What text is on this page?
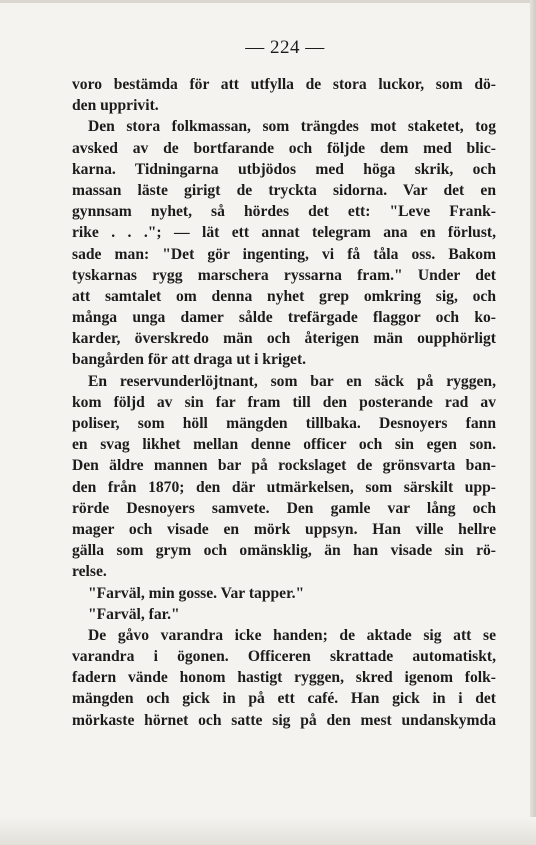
— 224 —
voro bestämda för att utfylla de stora luckor, som dö-
den upprivit.
Den stora folkmassan, som trängdes mot staketet, tog
avsked av de bortfarande och följde dem med blic-
karna. Tidningarna utbjödos med höga skrik, och
massan läste girigt de tryckta sidorna. Var det en
gynnsam nyhet, så hördes det ett: "Leve Frank-
rike . . ."; — lät ett annat telegram ana en förlust,
sade man: "Det gör ingenting, vi få tåla oss. Bakom
tyskarnas rygg marschera ryssarna fram." Under det
att samtalet om denna nyhet grep omkring sig, och
många unga damer sålde trefärgade flaggor och ko-
karder, överskredo män och återigen män oupphörligt
bangården för att draga ut i kriget.
En reservunderlöjtnant, som bar en säck på ryggen,
kom följd av sin far fram till den posterande rad av
poliser, som höll mängden tillbaka. Desnoyers fann
en svag likhet mellan denne officer och sin egen son.
Den äldre mannen bar på rockslaget de grönsvarta ban-
den från 1870; den där utmärkelsen, som särskilt upp-
rörde Desnoyers samvete. Den gamle var lång och
mager och visade en mörk uppsyn. Han ville hellre
gälla som grym och omänsklig, än han visade sin rö-
relse.
"Farväl, min gosse. Var tapper."
"Farväl, far."
De gåvo varandra icke handen; de aktade sig att se
varandra i ögonen. Officeren skrattade automatiskt,
fadern vände honom hastigt ryggen, skred igenom folk-
mängden och gick in på ett café. Han gick in i det
mörkaste hörnet och satte sig på den mest undanskymda
